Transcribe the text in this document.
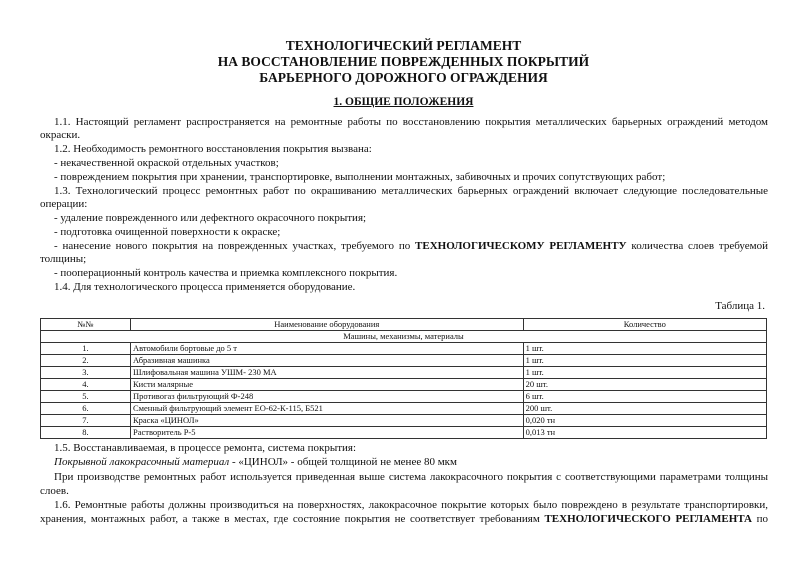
ТЕХНОЛОГИЧЕСКИЙ РЕГЛАМЕНТ
НА ВОССТАНОВЛЕНИЕ ПОВРЕЖДЕННЫХ ПОКРЫТИЙ
БАРЬЕРНОГО ДОРОЖНОГО ОГРАЖДЕНИЯ
1. ОБЩИЕ ПОЛОЖЕНИЯ
1.1. Настоящий регламент распространяется на ремонтные работы по восстановлению покрытия металлических барьерных ограждений методом
окраски.
1.2. Необходимость ремонтного восстановления покрытия вызвана:
- некачественной окраской отдельных участков;
- повреждением покрытия при хранении, транспортировке, выполнении монтажных, забивочных и прочих сопутствующих работ;
1.3. Технологический процесс ремонтных работ по окрашиванию металлических барьерных ограждений включает следующие последовательные
операции:
- удаление поврежденного или дефектного окрасочного покрытия;
- подготовка очищенной поверхности к окраске;
- нанесение нового покрытия на поврежденных участках, требуемого по ТЕХНОЛОГИЧЕСКОМУ РЕГЛАМЕНТУ количества слоев требуемой
толщины;
- пооперационный контроль качества и приемка комплексного покрытия.
1.4. Для технологического процесса применяется оборудование.
Таблица 1.
№№	Наименование оборудования	Количество
Машины, механизмы, материалы		
1.	Автомобили бортовые до 5 т	1 шт.
2.	Абразивная машинка	1 шт.
3.	Шлифовальная машина УШМ- 230 МА	1 шт.
4.	Кисти малярные	20 шт.
5.	Противогаз фильтрующий Ф-248	6 шт.
6.	Сменный фильтрующий элемент ЕО-62-К-115, Б521	200 шт.
7.	Краска «ЦИНОЛ»	0,020 тн
8.	Растворитель Р-5	0,013 тн
1.5. Восстанавливаемая, в процессе ремонта, система покрытия:
Покрывной лакокрасочный материал - «ЦИНОЛ» - общей толщиной не менее 80 мкм
При производстве ремонтных работ используется приведенная выше система лакокрасочного покрытия с соответствующими параметрами толщины
слоев.
1.6. Ремонтные работы должны производиться на поверхностях, лакокрасочное покрытие которых было повреждено в результате транспортировки,
хранения, монтажных работ, а также в местах, где состояние покрытия не соответствует требованиям ТЕХНОЛОГИЧЕСКОГО РЕГЛАМЕНТА по
